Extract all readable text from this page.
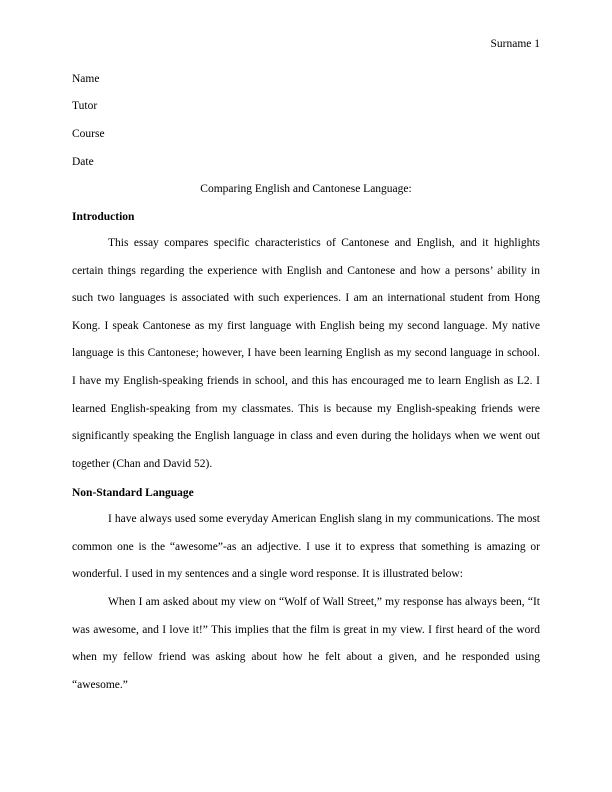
Surname 1
Name
Tutor
Course
Date
Comparing English and Cantonese Language:
Introduction

This essay compares specific characteristics of Cantonese and English, and it highlights certain things regarding the experience with English and Cantonese and how a persons’ ability in such two languages is associated with such experiences. I am an international student from Hong Kong. I speak Cantonese as my first language with English being my second language. My native language is this Cantonese; however, I have been learning English as my second language in school. I have my English-speaking friends in school, and this has encouraged me to learn English as L2. I learned English-speaking from my classmates. This is because my English-speaking friends were significantly speaking the English language in class and even during the holidays when we went out together (Chan and David 52).

Non-Standard Language

I have always used some everyday American English slang in my communications. The most common one is the “awesome”-as an adjective. I use it to express that something is amazing or wonderful. I used in my sentences and a single word response. It is illustrated below:

When I am asked about my view on “Wolf of Wall Street,” my response has always been, “It was awesome, and I love it!” This implies that the film is great in my view. I first heard of the word when my fellow friend was asking about how he felt about a given, and he responded using “awesome.”
